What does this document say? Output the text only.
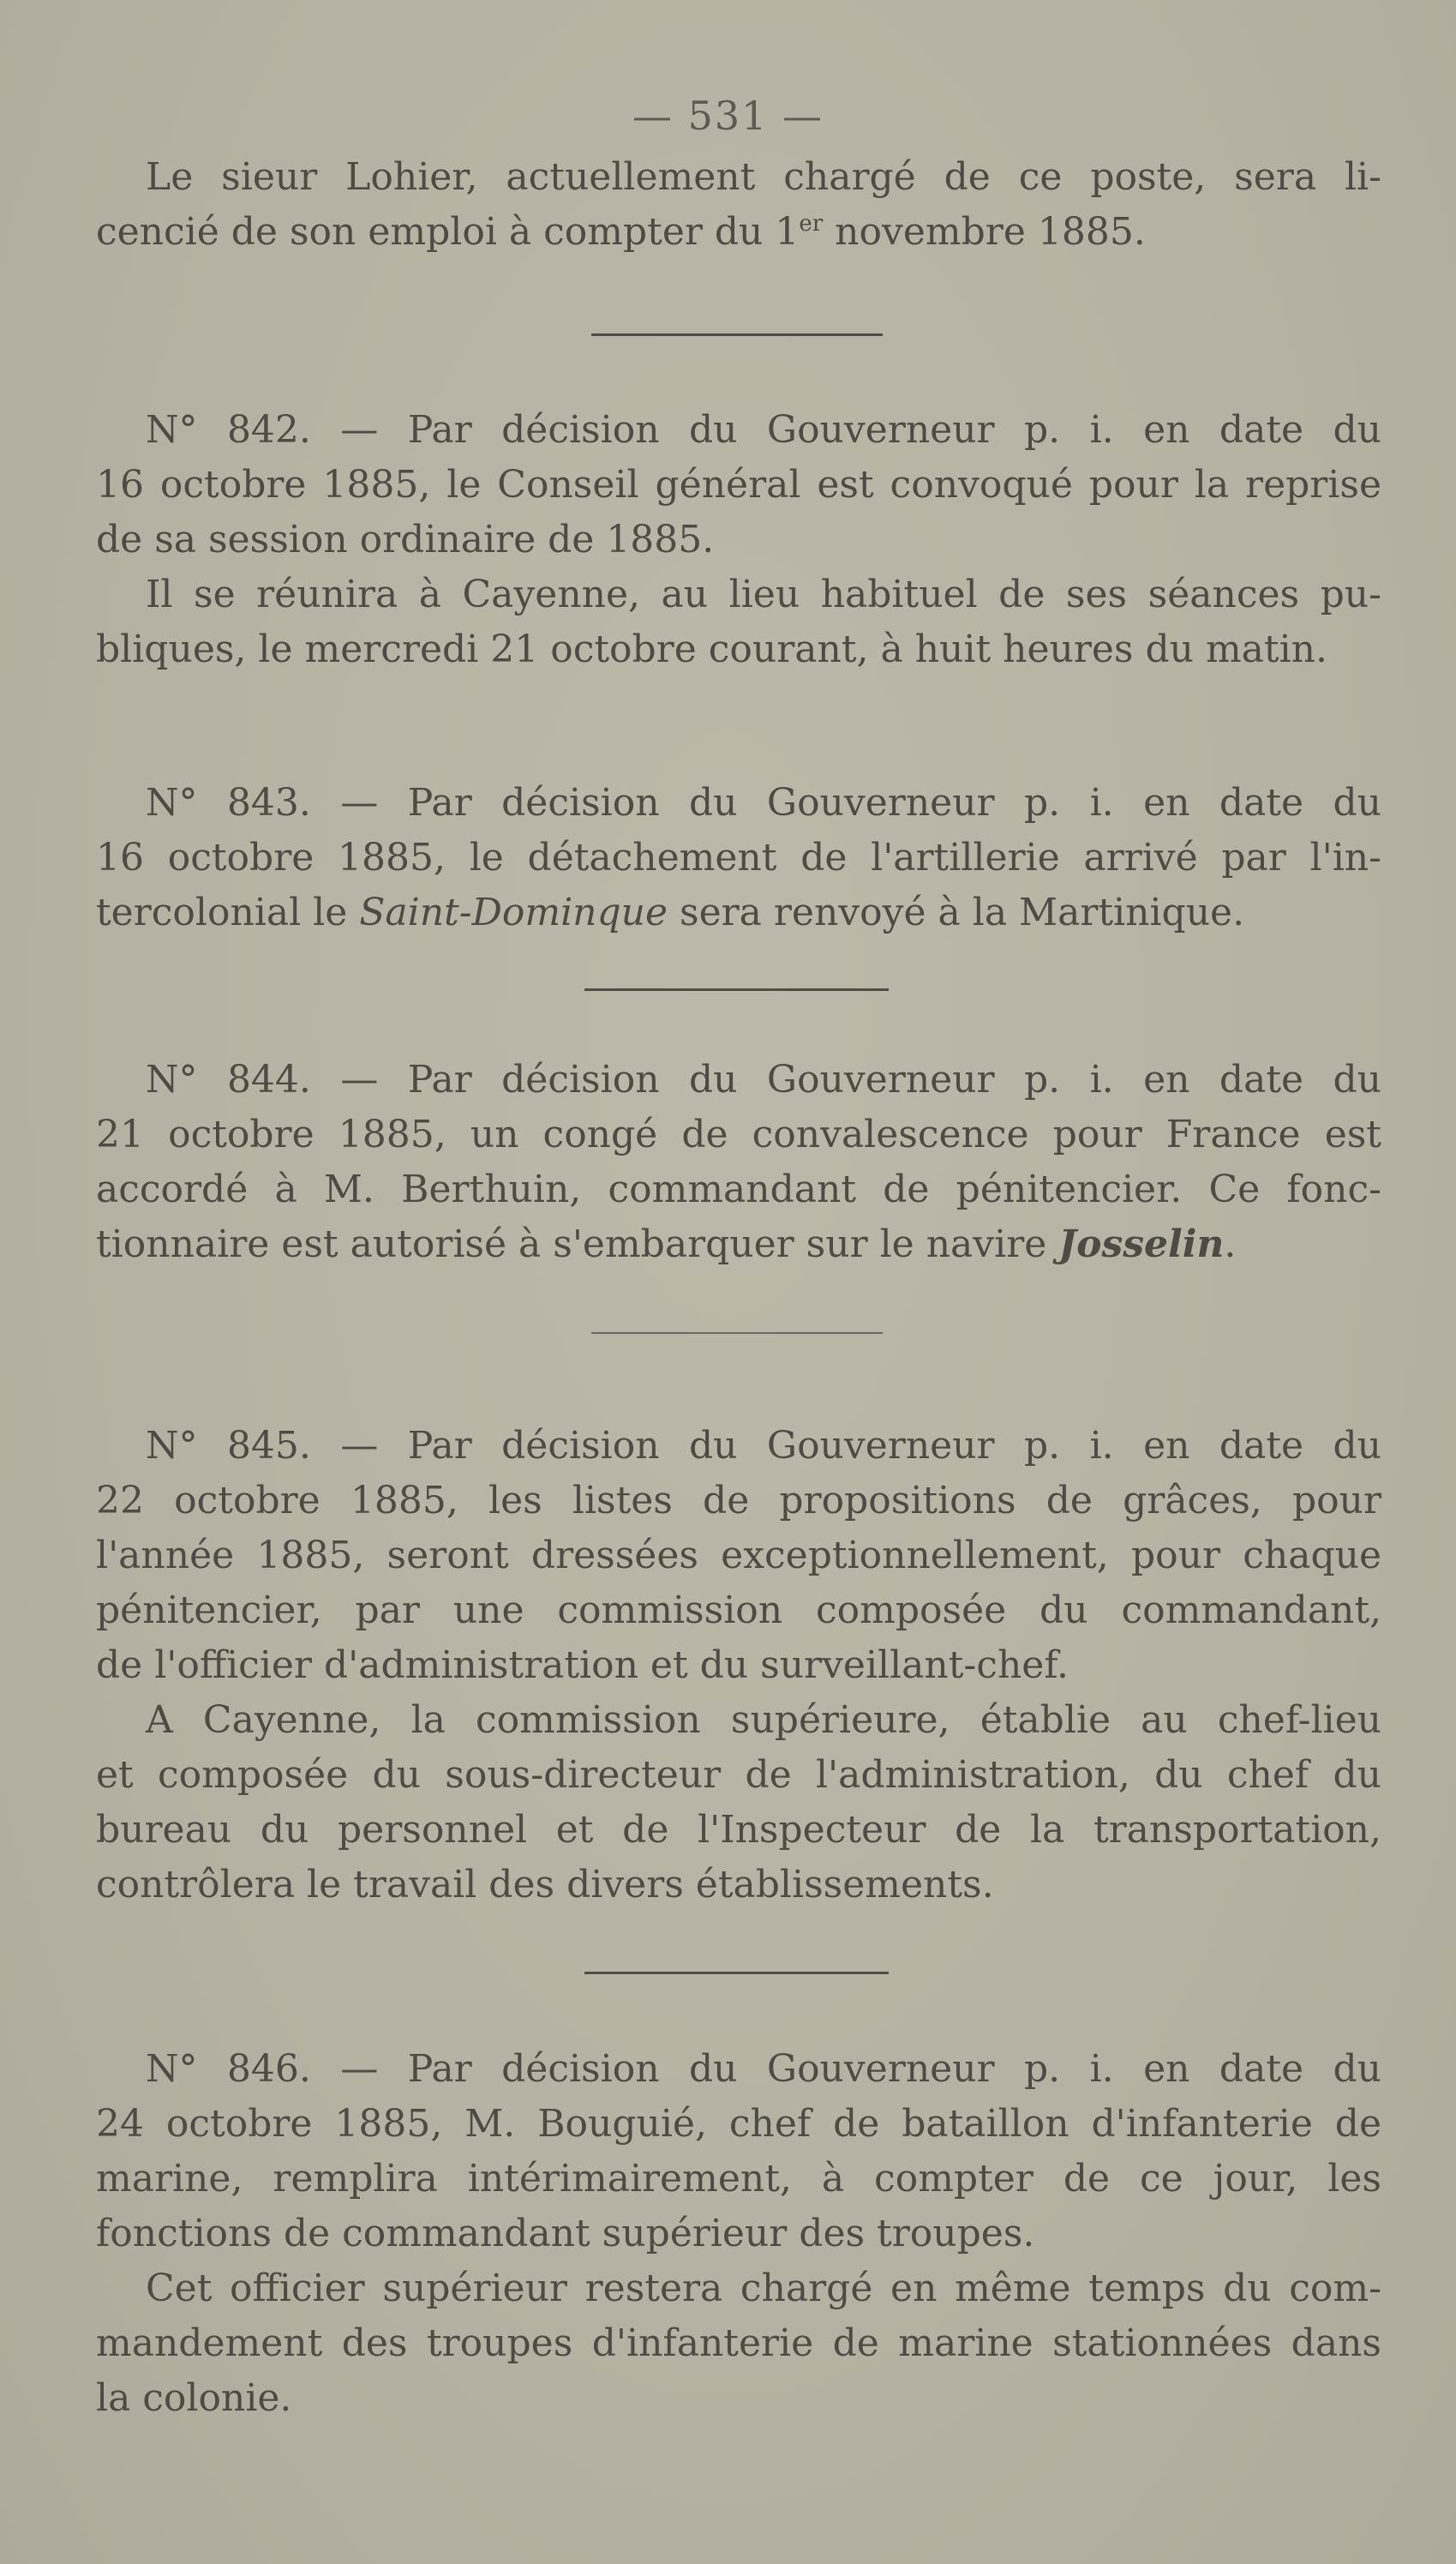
— 531 —
Le sieur Lohier, actuellement chargé de ce poste, sera li-
cencié de son emploi à compter du 1er novembre 1885.
N° 842. — Par décision du Gouverneur p. i. en date du
16 octobre 1885, le Conseil général est convoqué pour la reprise
de sa session ordinaire de 1885.
Il se réunira à Cayenne, au lieu habituel de ses séances pu-
bliques, le mercredi 21 octobre courant, à huit heures du matin.
N° 843. — Par décision du Gouverneur p. i. en date du
16 octobre 1885, le détachement de l'artillerie arrivé par l'in-
tercolonial le Saint-Dominque sera renvoyé à la Martinique.
N° 844. — Par décision du Gouverneur p. i. en date du
21 octobre 1885, un congé de convalescence pour France est
accordé à M. Berthuin, commandant de pénitencier. Ce fonc-
tionnaire est autorisé à s'embarquer sur le navire Josselin.
N° 845. — Par décision du Gouverneur p. i. en date du
22 octobre 1885, les listes de propositions de grâces, pour
l'année 1885, seront dressées exceptionnellement, pour chaque
pénitencier, par une commission composée du commandant,
de l'officier d'administration et du surveillant-chef.
A Cayenne, la commission supérieure, établie au chef-lieu
et composée du sous-directeur de l'administration, du chef du
bureau du personnel et de l'Inspecteur de la transportation,
contrôlera le travail des divers établissements.
N° 846. — Par décision du Gouverneur p. i. en date du
24 octobre 1885, M. Bouguié, chef de bataillon d'infanterie de
marine, remplira intérimairement, à compter de ce jour, les
fonctions de commandant supérieur des troupes.
Cet officier supérieur restera chargé en même temps du com-
mandement des troupes d'infanterie de marine stationnées dans
la colonie.
